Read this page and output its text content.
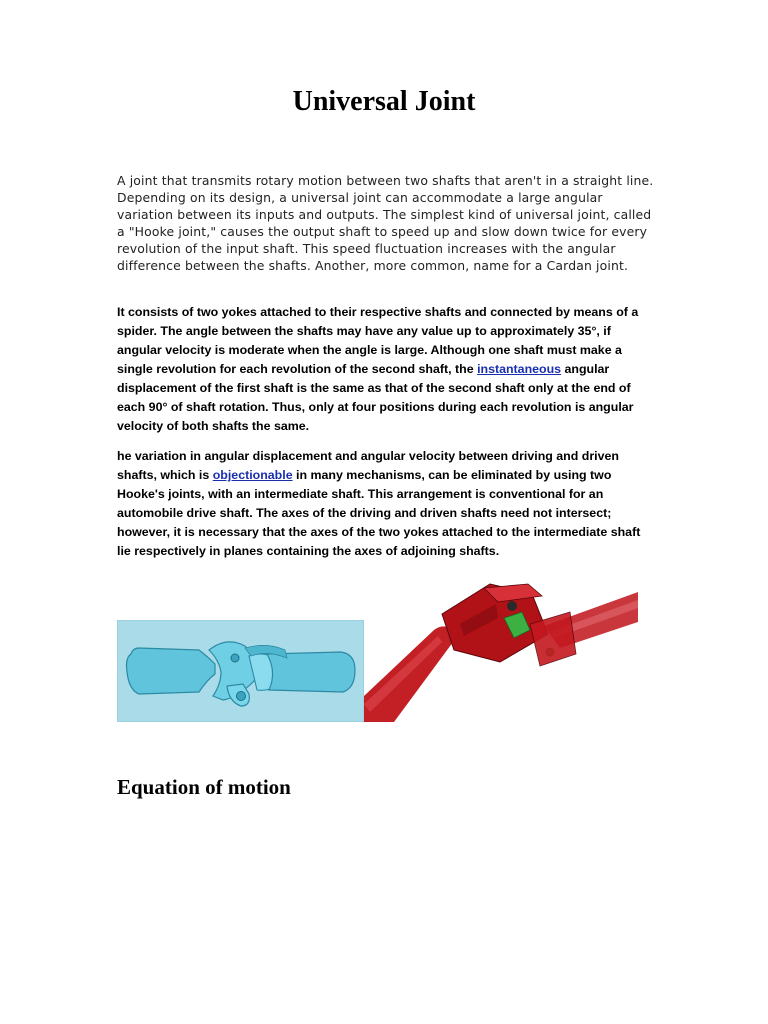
Universal Joint
A joint that transmits rotary motion between two shafts that aren't in a straight line. Depending on its design, a universal joint can accommodate a large angular variation between its inputs and outputs. The simplest kind of universal joint, called a "Hooke joint," causes the output shaft to speed up and slow down twice for every revolution of the input shaft. This speed fluctuation increases with the angular difference between the shafts. Another, more common, name for a Cardan joint.
It consists of two yokes attached to their respective shafts and connected by means of a spider. The angle between the shafts may have any value up to approximately 35°, if angular velocity is moderate when the angle is large. Although one shaft must make a single revolution for each revolution of the second shaft, the instantaneous angular displacement of the first shaft is the same as that of the second shaft only at the end of each 90° of shaft rotation. Thus, only at four positions during each revolution is angular velocity of both shafts the same.
he variation in angular displacement and angular velocity between driving and driven shafts, which is objectionable in many mechanisms, can be eliminated by using two Hooke's joints, with an intermediate shaft. This arrangement is conventional for an automobile drive shaft. The axes of the driving and driven shafts need not intersect; however, it is necessary that the axes of the two yokes attached to the intermediate shaft lie respectively in planes containing the axes of adjoining shafts.
Equation of motion
